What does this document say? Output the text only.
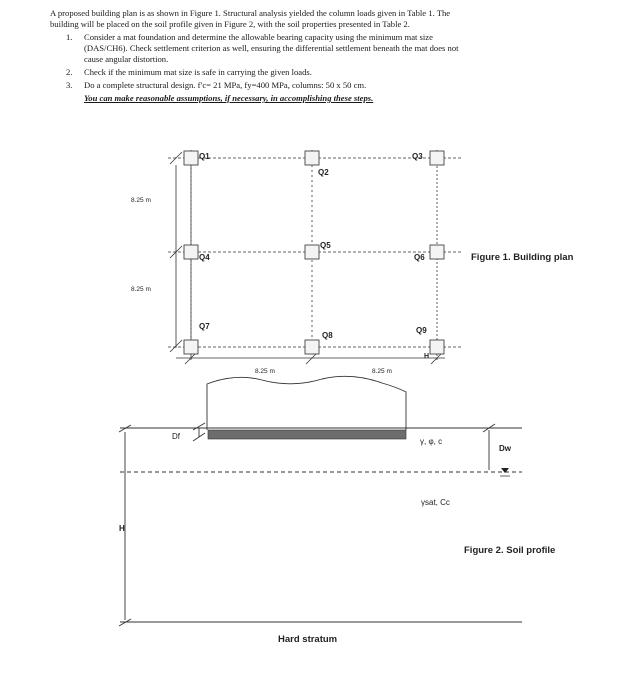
A proposed building plan is as shown in Figure 1. Structural analysis yielded the column loads given in Table 1. The
building will be placed on the soil profile given in Figure 2, with the soil properties presented in Table 2.
1. Consider a mat foundation and determine the allowable bearing capacity using the minimum mat size
(DAS/CH6). Check settlement criterion as well, ensuring the differential settlement beneath the mat does not
cause angular distortion.
2. Check if the minimum mat size is safe in carrying the given loads.
3. Do a complete structural design. f′c= 21 MPa, fy=400 MPa, columns: 50 x 50 cm.
You can make reasonable assumptions, if necessary, in accomplishing these steps.
Q1
Q2
Q3
Q4
Q5
Q6
Q7
Q8
Q9
H
8.25 m
8.25 m
8.25 m	8.25 m
Figure 1. Building plan
Df
γ, φ, c
Dw
γsat, Cc
H
Figure 2. Soil profile
Hard stratum
